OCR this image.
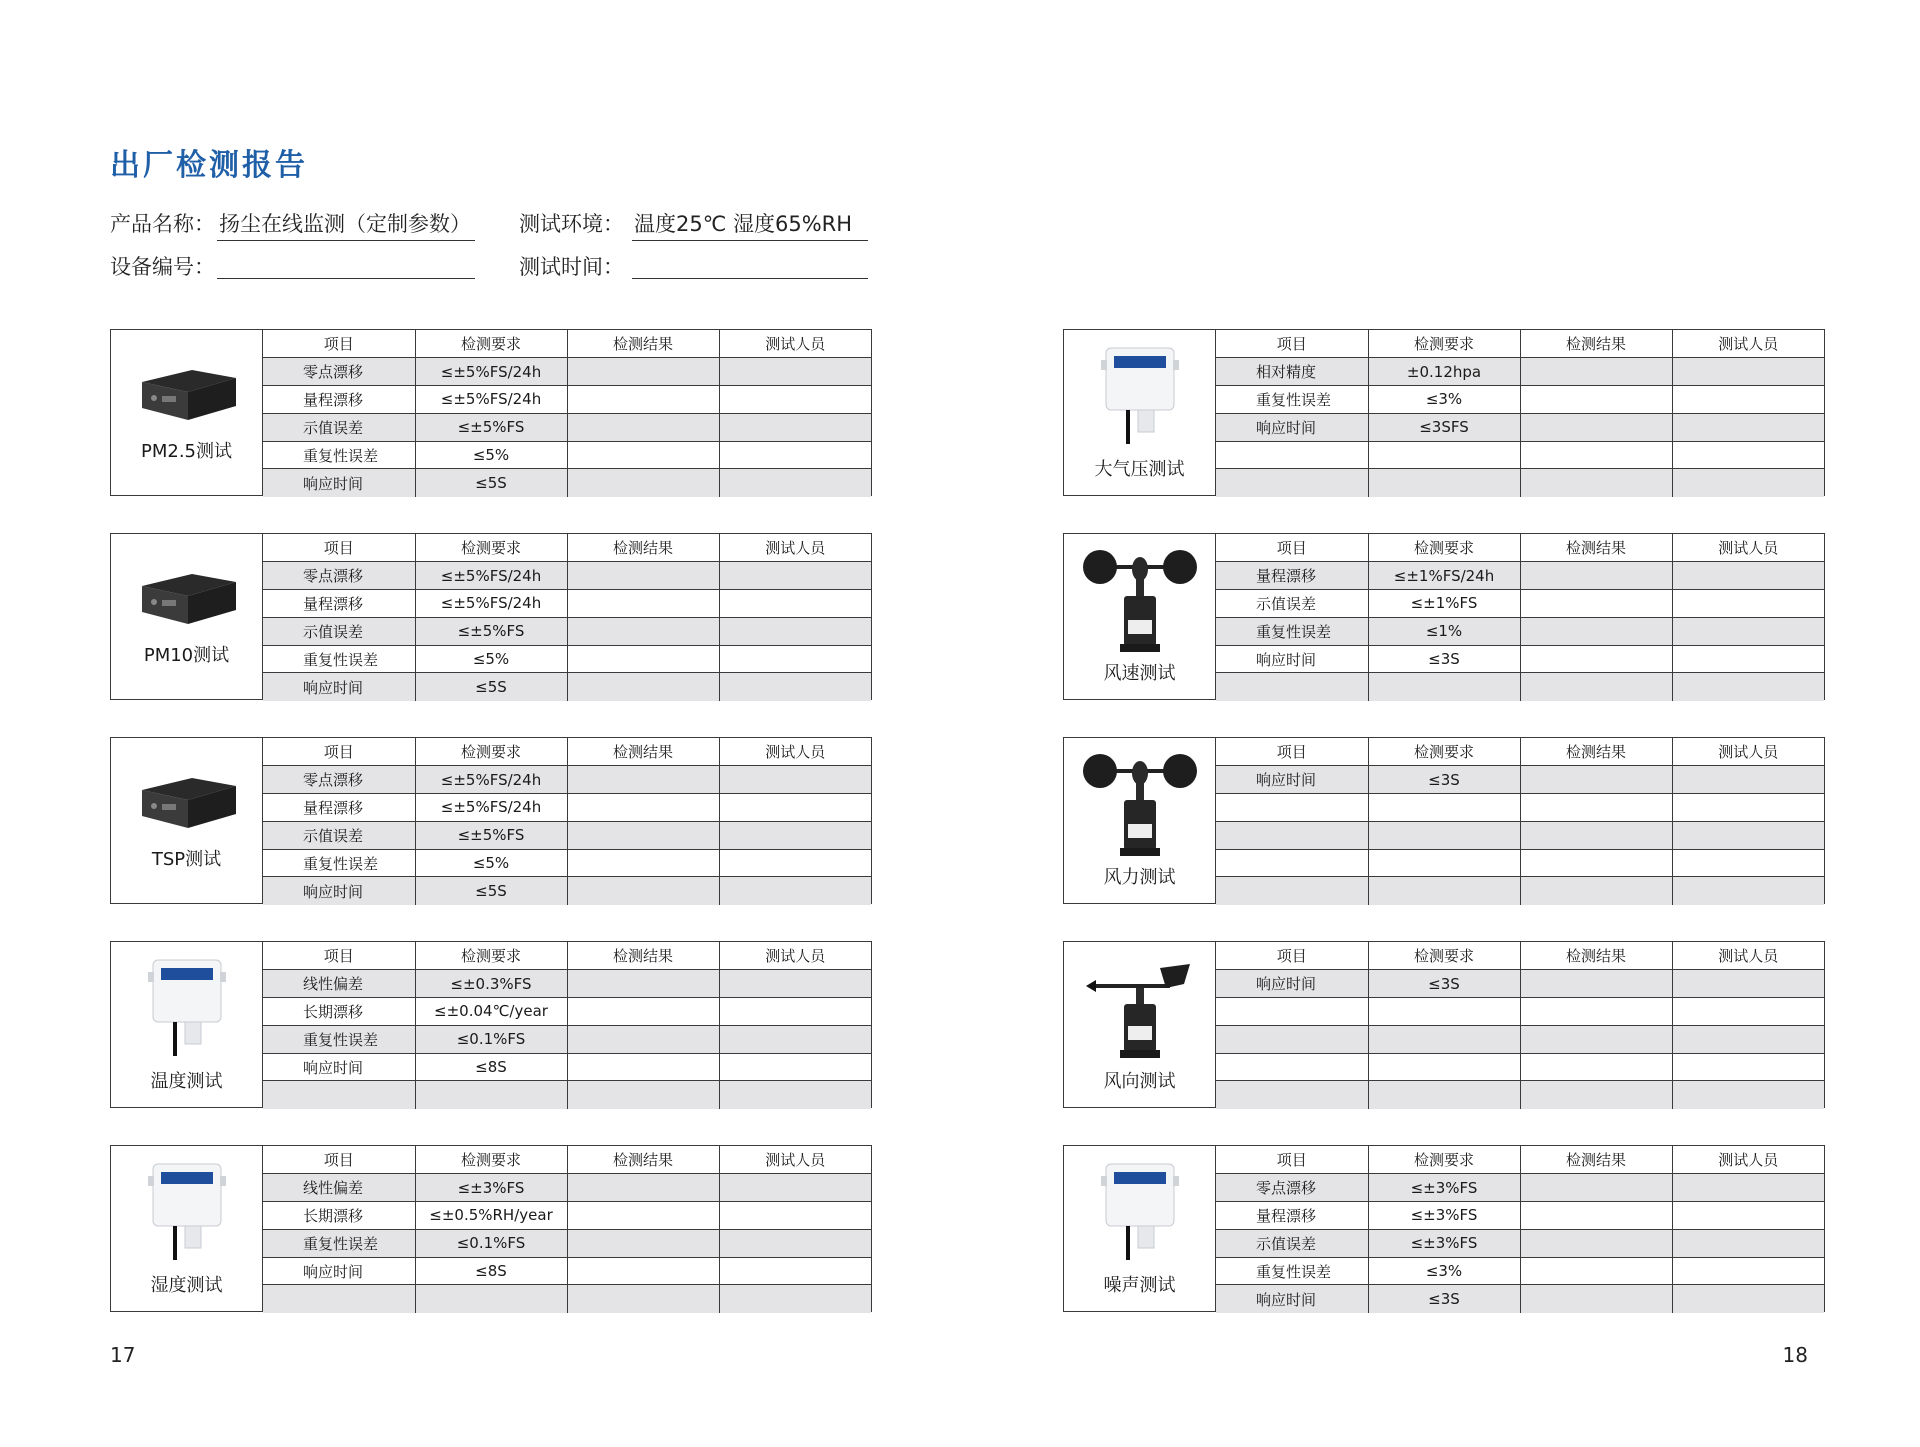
出厂检测报告
产品名称： 扬尘在线监测（定制参数） 测试环境： 温度25℃ 湿度65%RH
设备编号：	测试时间：
PM2.5测试
项目	检测要求	检测结果	测试人员
零点漂移	≤±5%FS/24h		
量程漂移	≤±5%FS/24h		
示值误差	≤±5%FS		
重复性误差	≤5%		
响应时间	≤5S		
PM10测试
项目	检测要求	检测结果	测试人员
零点漂移	≤±5%FS/24h		
量程漂移	≤±5%FS/24h		
示值误差	≤±5%FS		
重复性误差	≤5%		
响应时间	≤5S		
TSP测试
项目	检测要求	检测结果	测试人员
零点漂移	≤±5%FS/24h		
量程漂移	≤±5%FS/24h		
示值误差	≤±5%FS		
重复性误差	≤5%		
响应时间	≤5S		
温度测试
项目	检测要求	检测结果	测试人员
线性偏差	≤±0.3%FS		
长期漂移	≤±0.04℃/year		
重复性误差	≤0.1%FS		
响应时间	≤8S		

湿度测试
项目	检测要求	检测结果	测试人员
线性偏差	≤±3%FS		
长期漂移	≤±0.5%RH/year		
重复性误差	≤0.1%FS		
响应时间	≤8S		

大气压测试
项目	检测要求	检测结果	测试人员
相对精度	±0.12hpa		
重复性误差	≤3%		
响应时间	≤3SFS		

风速测试
项目	检测要求	检测结果	测试人员
量程漂移	≤±1%FS/24h		
示值误差	≤±1%FS		
重复性误差	≤1%		
响应时间	≤3S		

风力测试
项目	检测要求	检测结果	测试人员
响应时间	≤3S		

风向测试
项目	检测要求	检测结果	测试人员
响应时间	≤3S		

噪声测试
项目	检测要求	检测结果	测试人员
零点漂移	≤±3%FS		
量程漂移	≤±3%FS		
示值误差	≤±3%FS		
重复性误差	≤3%		
响应时间	≤3S		
17	18
